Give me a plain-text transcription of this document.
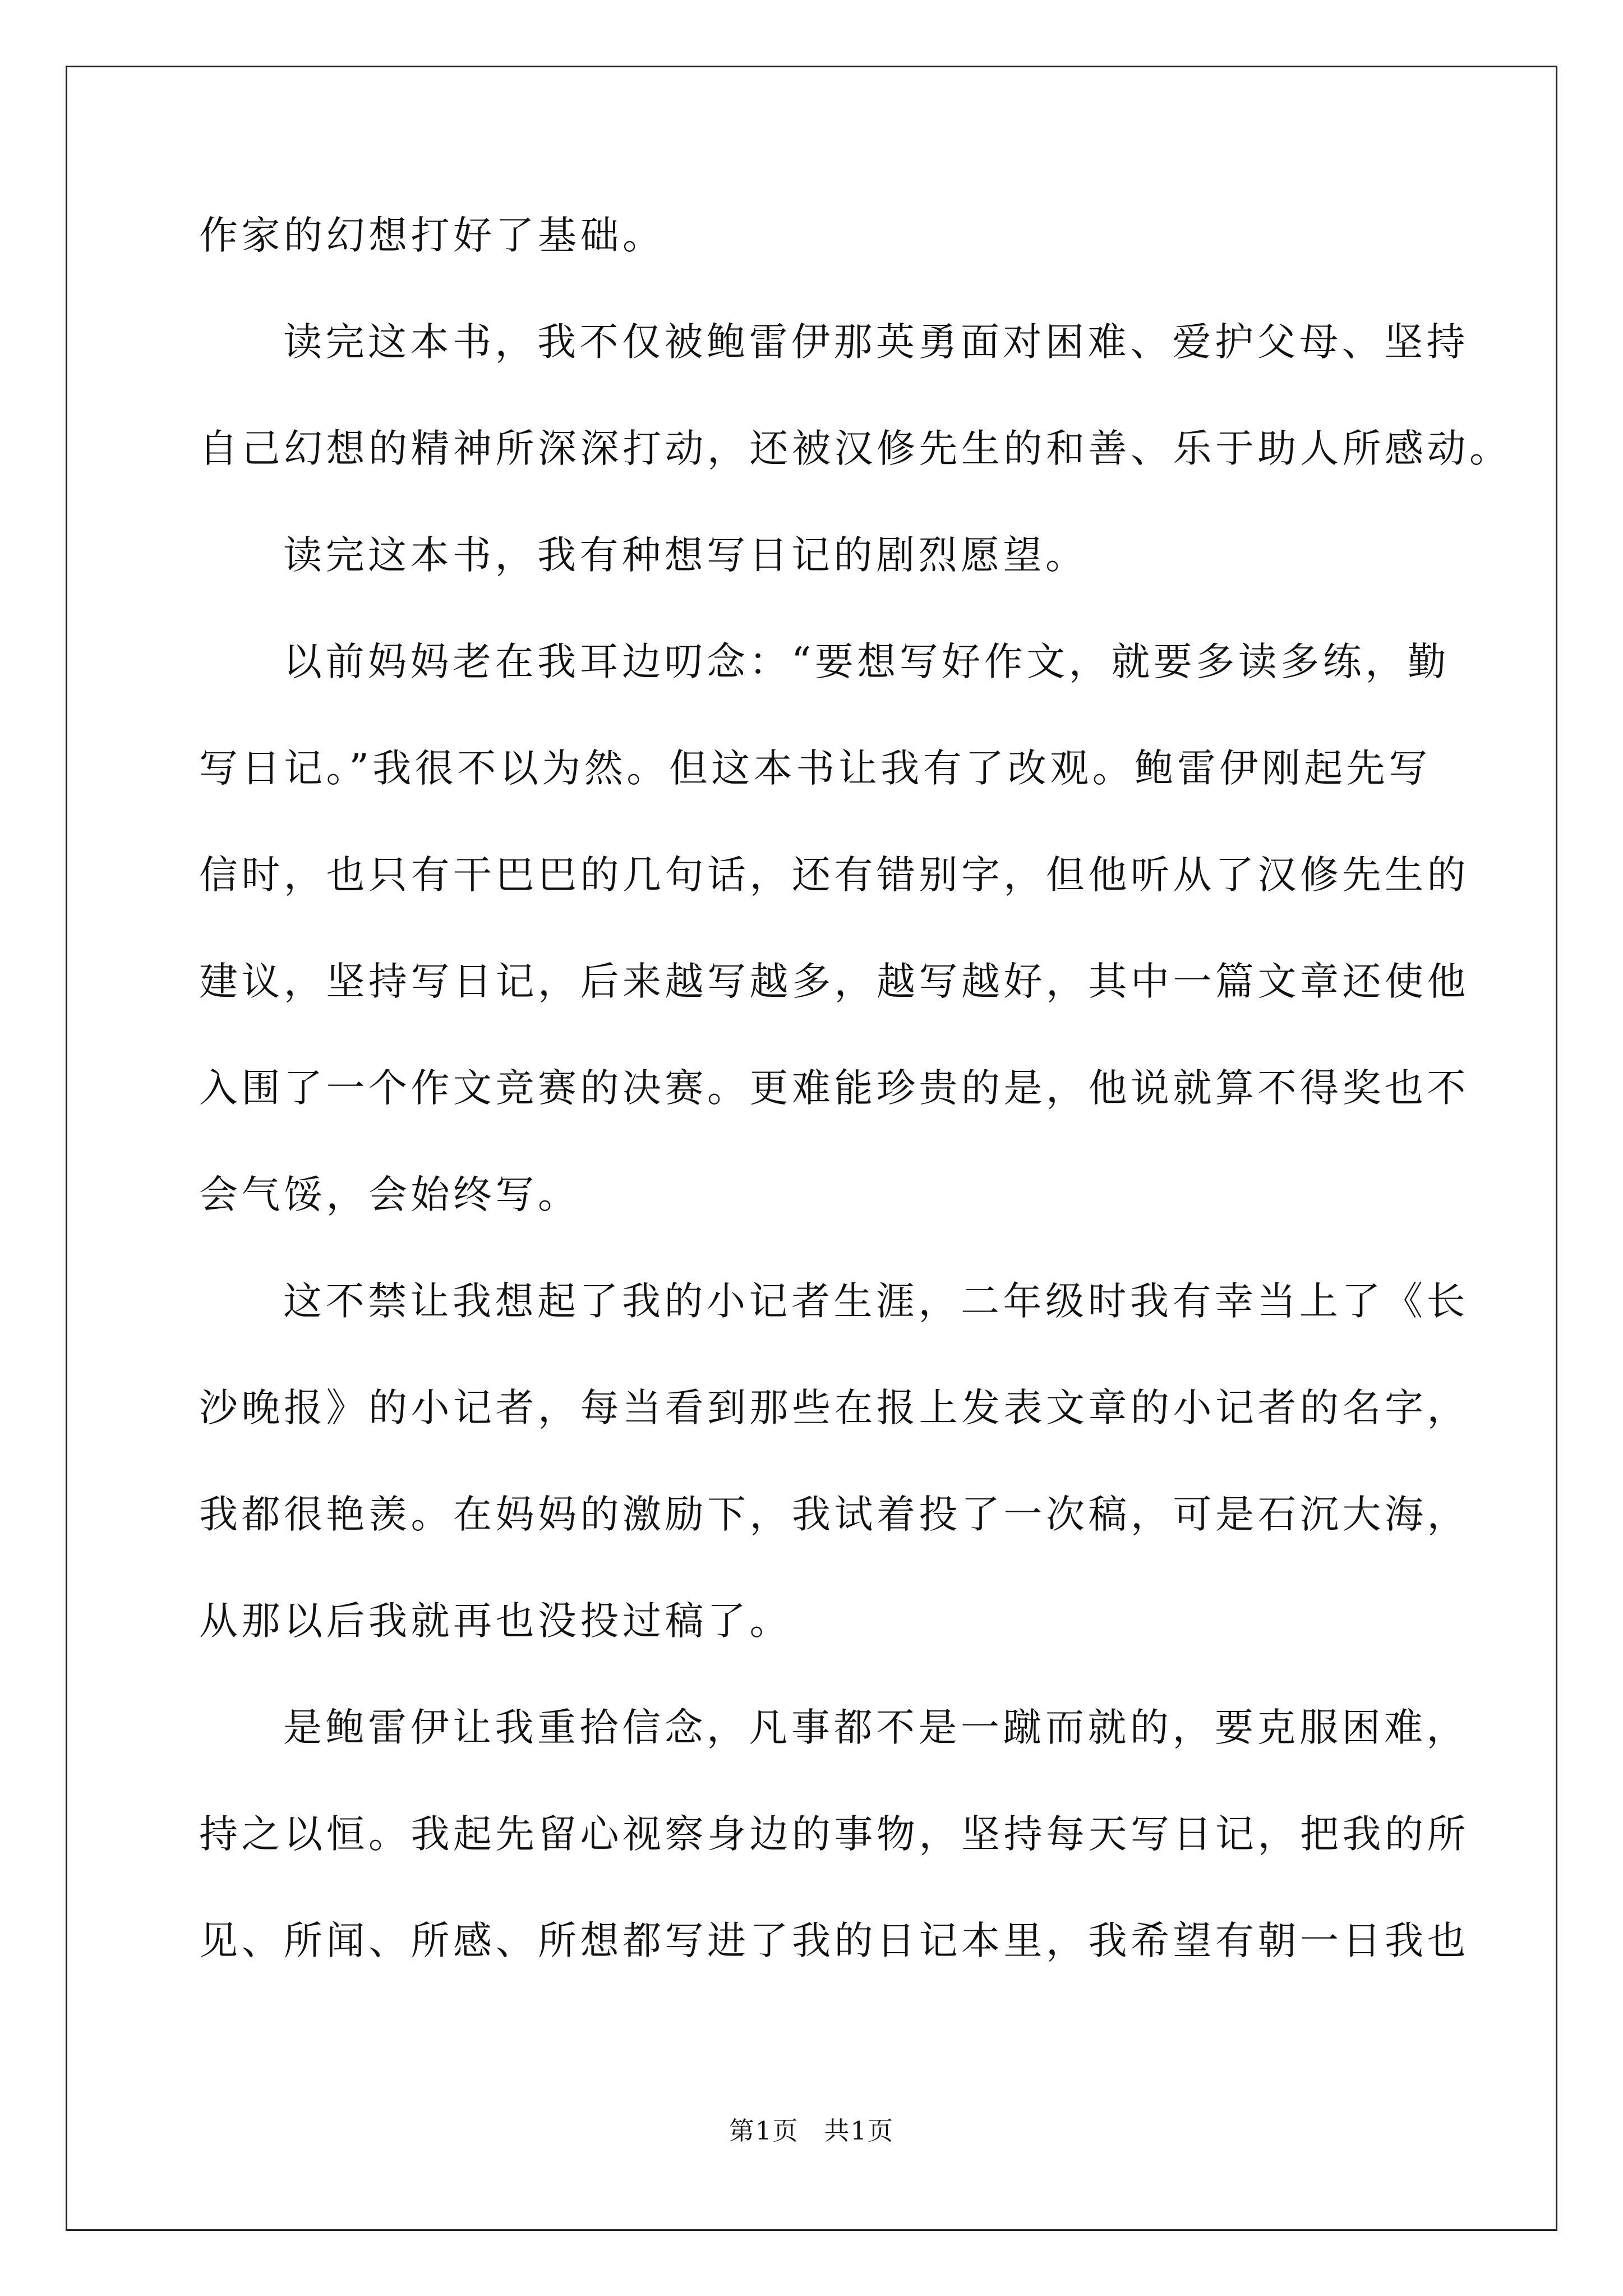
作家的幻想打好了基础。
读完这本书，我不仅被鲍雷伊那英勇面对困难、爱护父母、坚持
自己幻想的精神所深深打动，还被汉修先生的和善、乐于助人所感动。
读完这本书，我有种想写日记的剧烈愿望。
以前妈妈老在我耳边叨念：“要想写好作文，就要多读多练，勤
写日记。”我很不以为然。但这本书让我有了改观。鲍雷伊刚起先写
信时，也只有干巴巴的几句话，还有错别字，但他听从了汉修先生的
建议，坚持写日记，后来越写越多，越写越好，其中一篇文章还使他
入围了一个作文竞赛的决赛。更难能珍贵的是，他说就算不得奖也不
会气馁，会始终写。
这不禁让我想起了我的小记者生涯，二年级时我有幸当上了《长
沙晚报》的小记者，每当看到那些在报上发表文章的小记者的名字，
我都很艳羡。在妈妈的激励下，我试着投了一次稿，可是石沉大海，
从那以后我就再也没投过稿了。
是鲍雷伊让我重拾信念，凡事都不是一蹴而就的，要克服困难，
持之以恒。我起先留心视察身边的事物，坚持每天写日记，把我的所
见、所闻、所感、所想都写进了我的日记本里，我希望有朝一日我也
第1页 共1页
